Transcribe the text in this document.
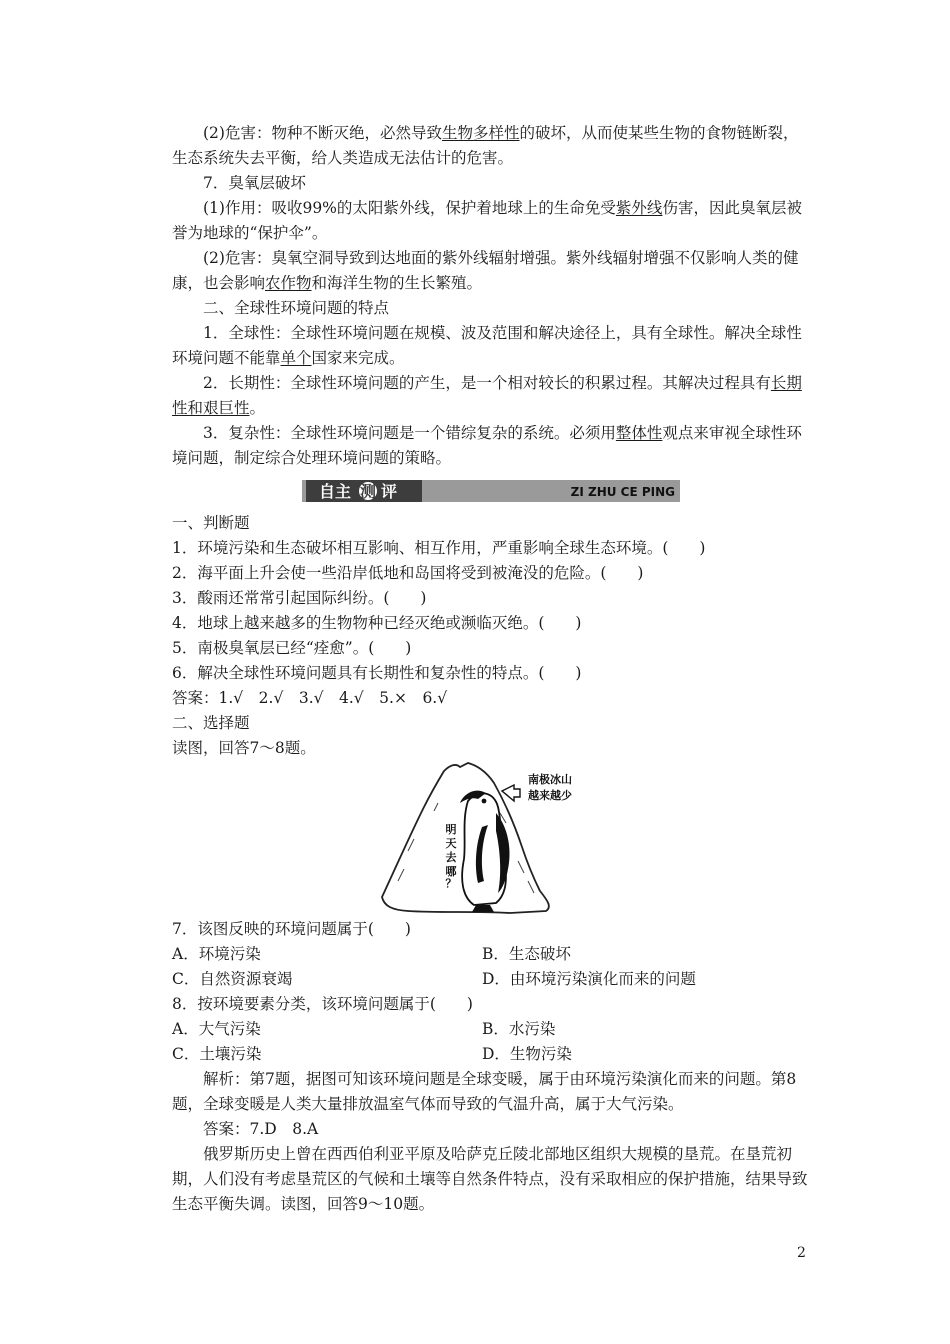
(2)危害：物种不断灭绝，必然导致生物多样性的破坏，从而使某些生物的食物链断裂，生态系统失去平衡，给人类造成无法估计的危害。

7．臭氧层破坏

(1)作用：吸收99%的太阳紫外线，保护着地球上的生命免受紫外线伤害，因此臭氧层被誉为地球的“保护伞”。

(2)危害：臭氧空洞导致到达地面的紫外线辐射增强。紫外线辐射增强不仅影响人类的健康，也会影响农作物和海洋生物的生长繁殖。

二、全球性环境问题的特点

1．全球性：全球性环境问题在规模、波及范围和解决途径上，具有全球性。解决全球性环境问题不能靠单个国家来完成。

2．长期性：全球性环境问题的产生，是一个相对较长的积累过程。其解决过程具有长期性和艰巨性。

3．复杂性：全球性环境问题是一个错综复杂的系统。必须用整体性观点来审视全球性环境问题，制定综合处理环境问题的策略。

自主 测 评	ZI ZHU CE PING

一、判断题

1．环境污染和生态破坏相互影响、相互作用，严重影响全球生态环境。(　　)

2．海平面上升会使一些沿岸低地和岛国将受到被淹没的危险。(　　)

3．酸雨还常常引起国际纠纷。(　　)

4．地球上越来越多的生物物种已经灭绝或濒临灭绝。(　　)

5．南极臭氧层已经“痊愈”。(　　)

6．解决全球性环境问题具有长期性和复杂性的特点。(　　)

答案：1.√　2.√　3.√　4.√　5.×　6.√

二、选择题

读图，回答7～8题。

南极冰山
越来越少
明
天
去
哪
？

7．该图反映的环境问题属于(　　)

A．环境污染	B．生态破坏
C．自然资源衰竭	D．由环境污染演化而来的问题

8．按环境要素分类，该环境问题属于(　　)

A．大气污染	B．水污染
C．土壤污染	D．生物污染

解析：第7题，据图可知该环境问题是全球变暖，属于由环境污染演化而来的问题。第8题，全球变暖是人类大量排放温室气体而导致的气温升高，属于大气污染。

答案：7.D　8.A

俄罗斯历史上曾在西西伯利亚平原及哈萨克丘陵北部地区组织大规模的垦荒。在垦荒初期，人们没有考虑垦荒区的气候和土壤等自然条件特点，没有采取相应的保护措施，结果导致生态平衡失调。读图，回答9～10题。

2
